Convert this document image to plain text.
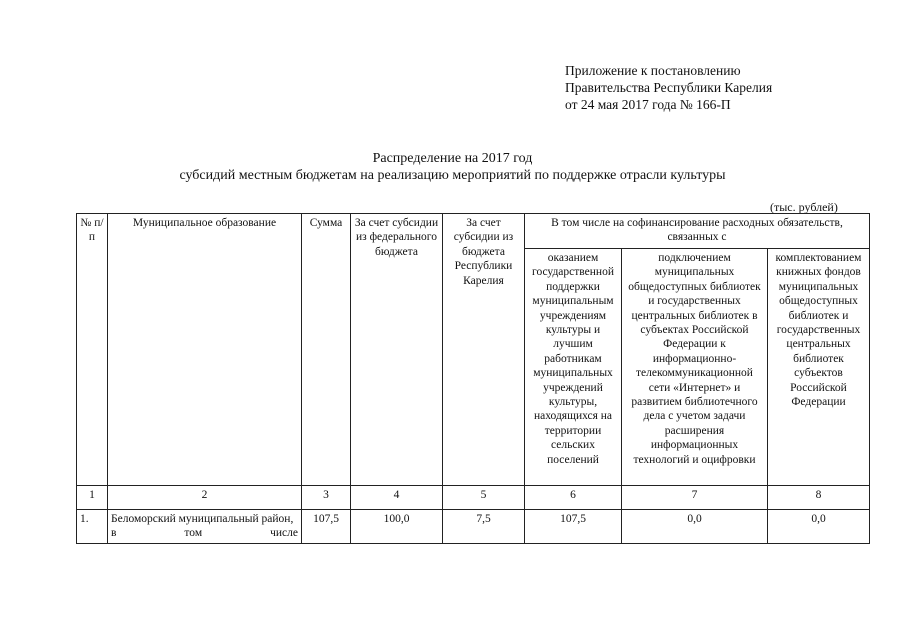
Приложение к постановлению
Правительства Республики Карелия
от 24 мая 2017 года № 166-П
Распределение на 2017 год
субсидий местным бюджетам на реализацию мероприятий по поддержке отрасли культуры
(тыс. рублей)
№ п/п	Муниципальное образование	Сумма	За счет субсидии из федерального бюджета	За счет субсидии из бюджета Республики Карелия	В том числе на софинансирование расходных обязательств, связанных с		
					оказанием государственной поддержки муниципальным учреждениям культуры и лучшим работникам муниципальных учреждений культуры, находящихся на территории сельских поселений	подключением муниципальных общедоступных библиотек и государственных центральных библиотек в субъектах Российской Федерации к информационно-телекоммуникационной сети «Интернет» и развитием библиотечного дела с учетом задачи расширения информационных технологий и оцифровки	комплектованием книжных фондов муниципальных общедоступных библиотек и государственных центральных библиотек субъектов Российской Федерации
1	2	3	4	5	6	7	8
1.	Беломорский муниципальный район, в том числе	107,5	100,0	7,5	107,5	0,0	0,0
